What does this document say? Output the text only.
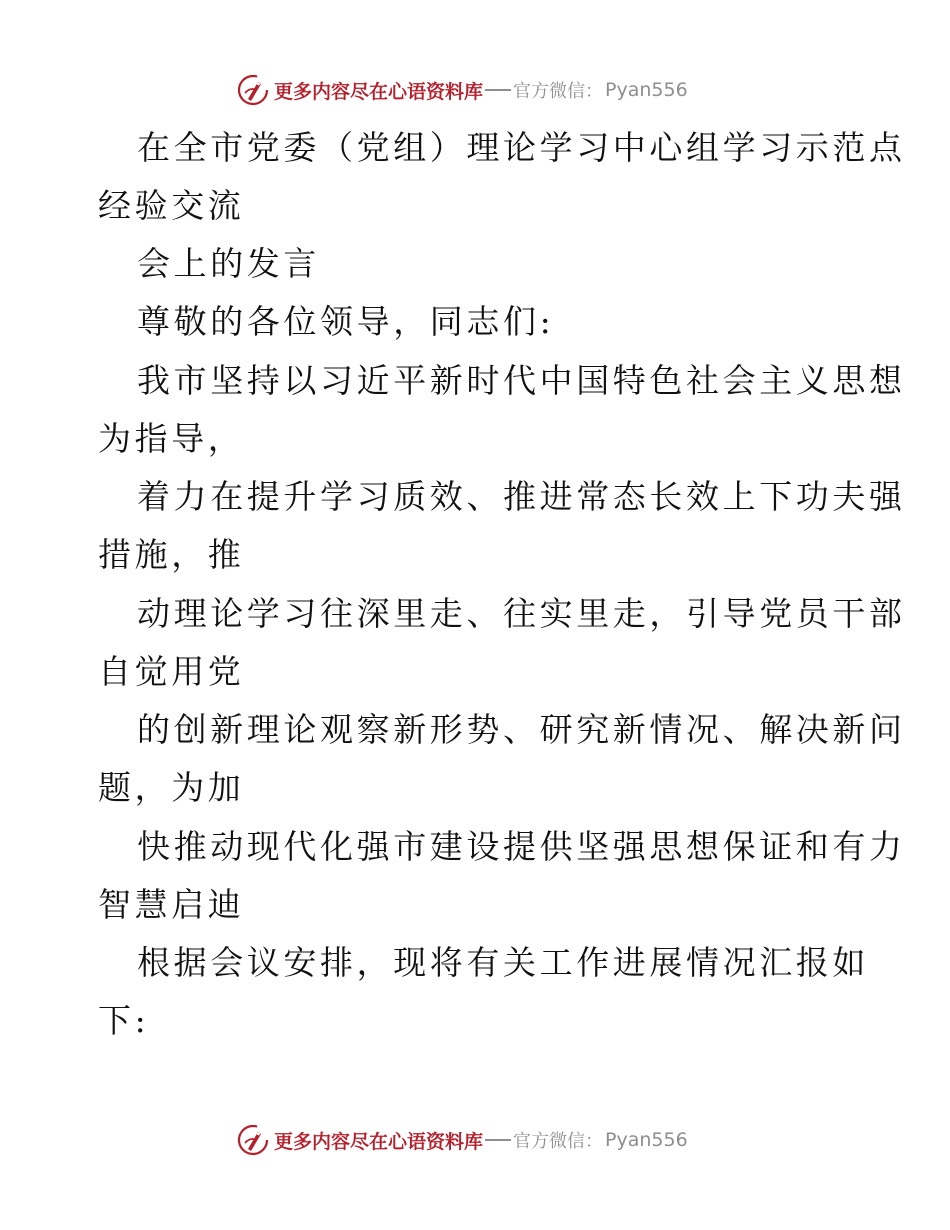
更多内容尽在心语资料库 官方微信： Pyan556
在全市党委（党组）理论学习中心组学习示范点
经验交流
会上的发言
尊敬的各位领导，同志们:
我市坚持以习近平新时代中国特色社会主义思想
为指导，
着力在提升学习质效、推进常态长效上下功夫强
措施，推
动理论学习往深里走、往实里走，引导党员干部
自觉用党
的创新理论观察新形势、研究新情况、解决新问
题，为加
快推动现代化强市建设提供坚强思想保证和有力
智慧启迪
根据会议安排，现将有关工作进展情况汇报如
下:
更多内容尽在心语资料库 官方微信： Pyan556
